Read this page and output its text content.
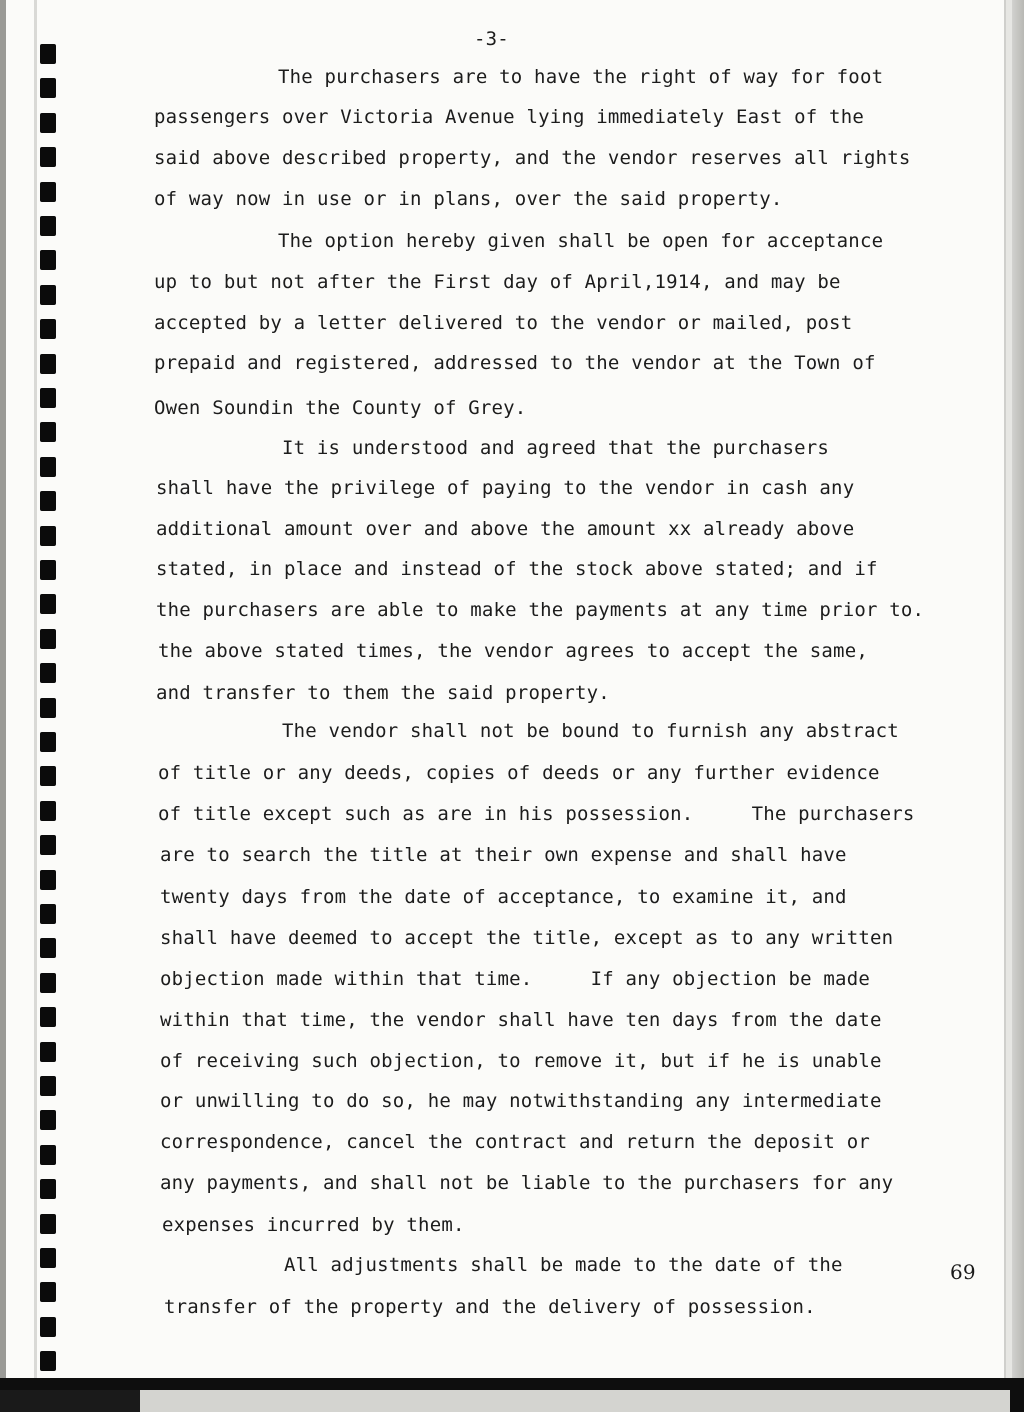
-3-
The purchasers are to have the right of way for foot
passengers over Victoria Avenue lying immediately East of the
said above described property, and the vendor reserves all rights
of way now in use or in plans, over the said property.
The option hereby given shall be open for acceptance
up to but not after the First day of April,1914, and may be
accepted by a letter delivered to the vendor or mailed, post
prepaid and registered, addressed to the vendor at the Town of
Owen Soundin the County of Grey.
It is understood and agreed that the purchasers
shall have the privilege of paying to the vendor in cash any
additional amount over and above the amount xx already above
stated, in place and instead of the stock above stated; and if
the purchasers are able to make the payments at any time prior to.
the above stated times, the vendor agrees to accept the same,
and transfer to them the said property.
The vendor shall not be bound to furnish any abstract
of title or any deeds, copies of deeds or any further evidence
of title except such as are in his possession.     The purchasers
are to search the title at their own expense and shall have
twenty days from the date of acceptance, to examine it, and
shall have deemed to accept the title, except as to any written
objection made within that time.     If any objection be made
within that time, the vendor shall have ten days from the date
of receiving such objection, to remove it, but if he is unable
or unwilling to do so, he may notwithstanding any intermediate
correspondence, cancel the contract and return the deposit or
any payments, and shall not be liable to the purchasers for any
expenses incurred by them.
All adjustments shall be made to the date of the
transfer of the property and the delivery of possession.
69
